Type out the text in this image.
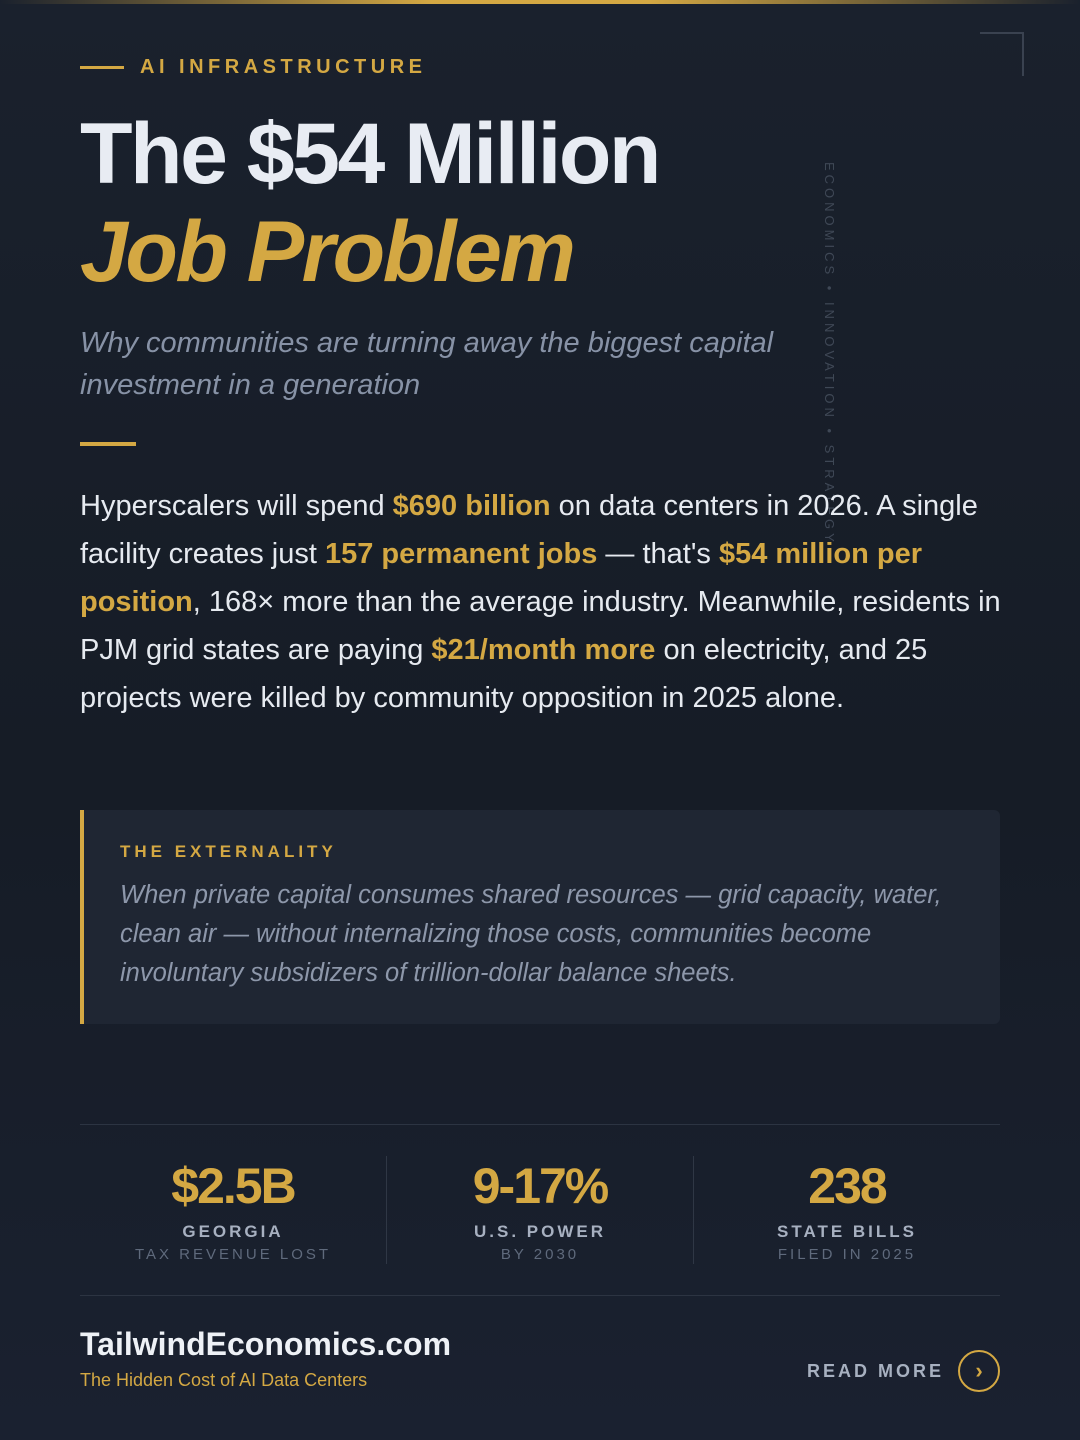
ECONOMICS • INNOVATION • STRATEGY
AI INFRASTRUCTURE
The $54 Million
Job Problem
Why communities are turning away the biggest capital investment in a generation
Hyperscalers will spend $690 billion on data centers in 2026. A single facility creates just 157 permanent jobs — that's $54 million per position, 168× more than the average industry. Meanwhile, residents in PJM grid states are paying $21/month more on electricity, and 25 projects were killed by community opposition in 2025 alone.
THE EXTERNALITY
When private capital consumes shared resources — grid capacity, water, clean air — without internalizing those costs, communities become involuntary subsidizers of trillion-dollar balance sheets.
$2.5B
GEORGIA
TAX REVENUE LOST
9-17%
U.S. POWER
BY 2030
238
STATE BILLS
FILED IN 2025
TailwindEconomics.com
The Hidden Cost of AI Data Centers	READ MORE	›
